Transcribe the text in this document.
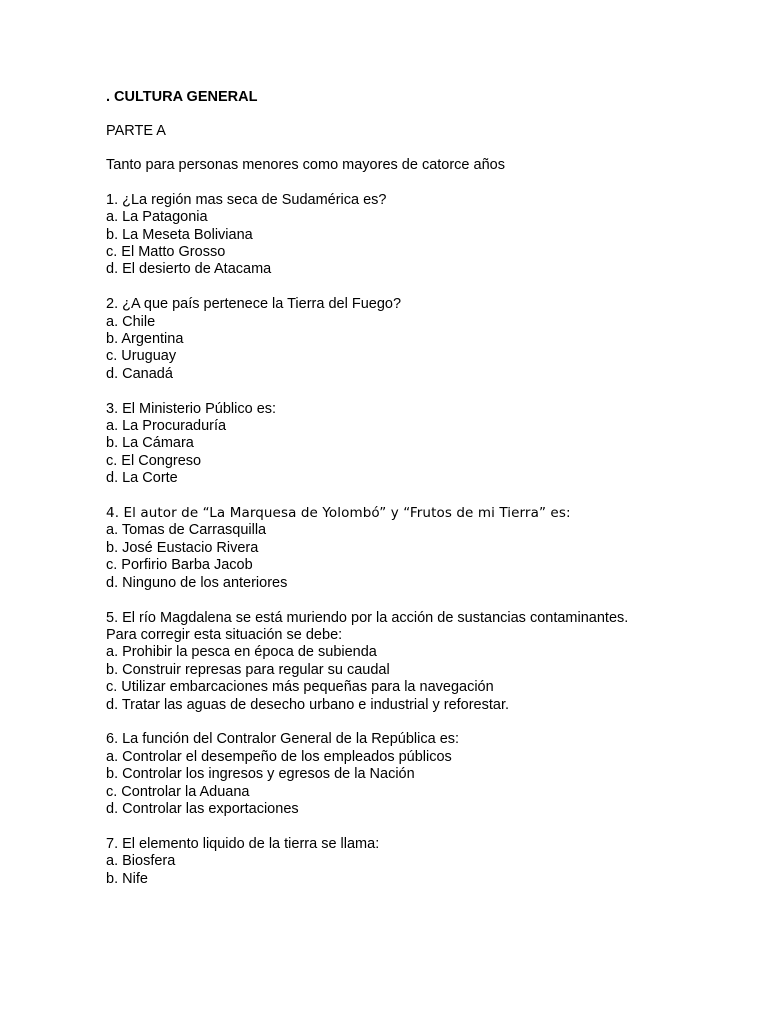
. CULTURA GENERAL

PARTE A

Tanto para personas menores como mayores de catorce años

1. ¿La región mas seca de Sudamérica es?
a. La Patagonia
b. La Meseta Boliviana
c. El Matto Grosso
d. El desierto de Atacama
2. ¿A que país pertenece la Tierra del Fuego?
a. Chile
b. Argentina
c. Uruguay
d. Canadá
3. El Ministerio Público es:
a. La Procuraduría
b. La Cámara
c. El Congreso
d. La Corte
4. El autor de “La Marquesa de Yolombó” y “Frutos de mi Tierra” es:
a. Tomas de Carrasquilla
b. José Eustacio Rivera
c. Porfirio Barba Jacob
d. Ninguno de los anteriores
5. El río Magdalena se está muriendo por la acción de sustancias contaminantes.
Para corregir esta situación se debe:
a. Prohibir la pesca en época de subienda
b. Construir represas para regular su caudal
c. Utilizar embarcaciones más pequeñas para la navegación
d. Tratar las aguas de desecho urbano e industrial y reforestar.
6. La función del Contralor General de la República es:
a. Controlar el desempeño de los empleados públicos
b. Controlar los ingresos y egresos de la Nación
c. Controlar la Aduana
d. Controlar las exportaciones
7. El elemento liquido de la tierra se llama:
a. Biosfera
b. Nife
